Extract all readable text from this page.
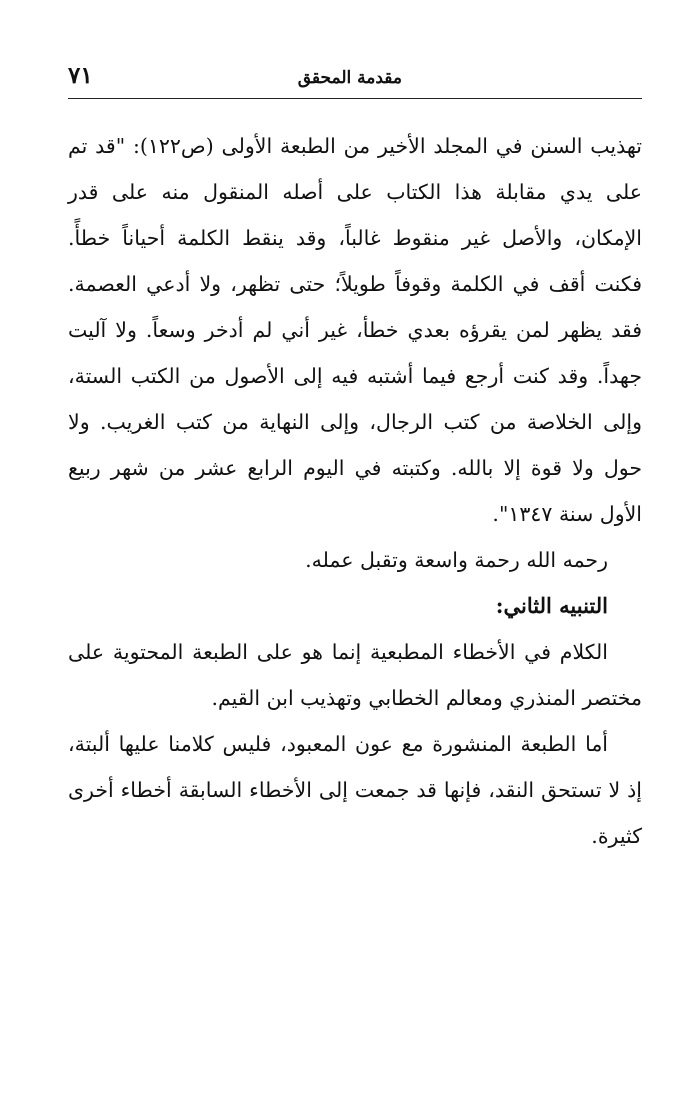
مقدمة المحقق
٧١

تهذيب السنن في المجلد الأخير من الطبعة الأولى (ص١٢٢): "قد تم على يدي مقابلة هذا الكتاب على أصله المنقول منه على قدر الإمكان، والأصل غير منقوط غالباً، وقد ينقط الكلمة أحياناً خطأً. فكنت أقف في الكلمة وقوفاً طويلاً؛ حتى تظهر، ولا أدعي العصمة. فقد يظهر لمن يقرؤه بعدي خطأ، غير أني لم أدخر وسعاً. ولا آليت جهداً. وقد كنت أرجع فيما أشتبه فيه إلى الأصول من الكتب الستة، وإلى الخلاصة من كتب الرجال، وإلى النهاية من كتب الغريب. ولا حول ولا قوة إلا بالله. وكتبته في اليوم الرابع عشر من شهر ربيع الأول سنة ١٣٤٧".

رحمه الله رحمة واسعة وتقبل عمله.

التنبيه الثاني:

الكلام في الأخطاء المطبعية إنما هو على الطبعة المحتوية على مختصر المنذري ومعالم الخطابي وتهذيب ابن القيم.

أما الطبعة المنشورة مع عون المعبود، فليس كلامنا عليها ألبتة، إذ لا تستحق النقد، فإنها قد جمعت إلى الأخطاء السابقة أخطاء أخرى كثيرة.
